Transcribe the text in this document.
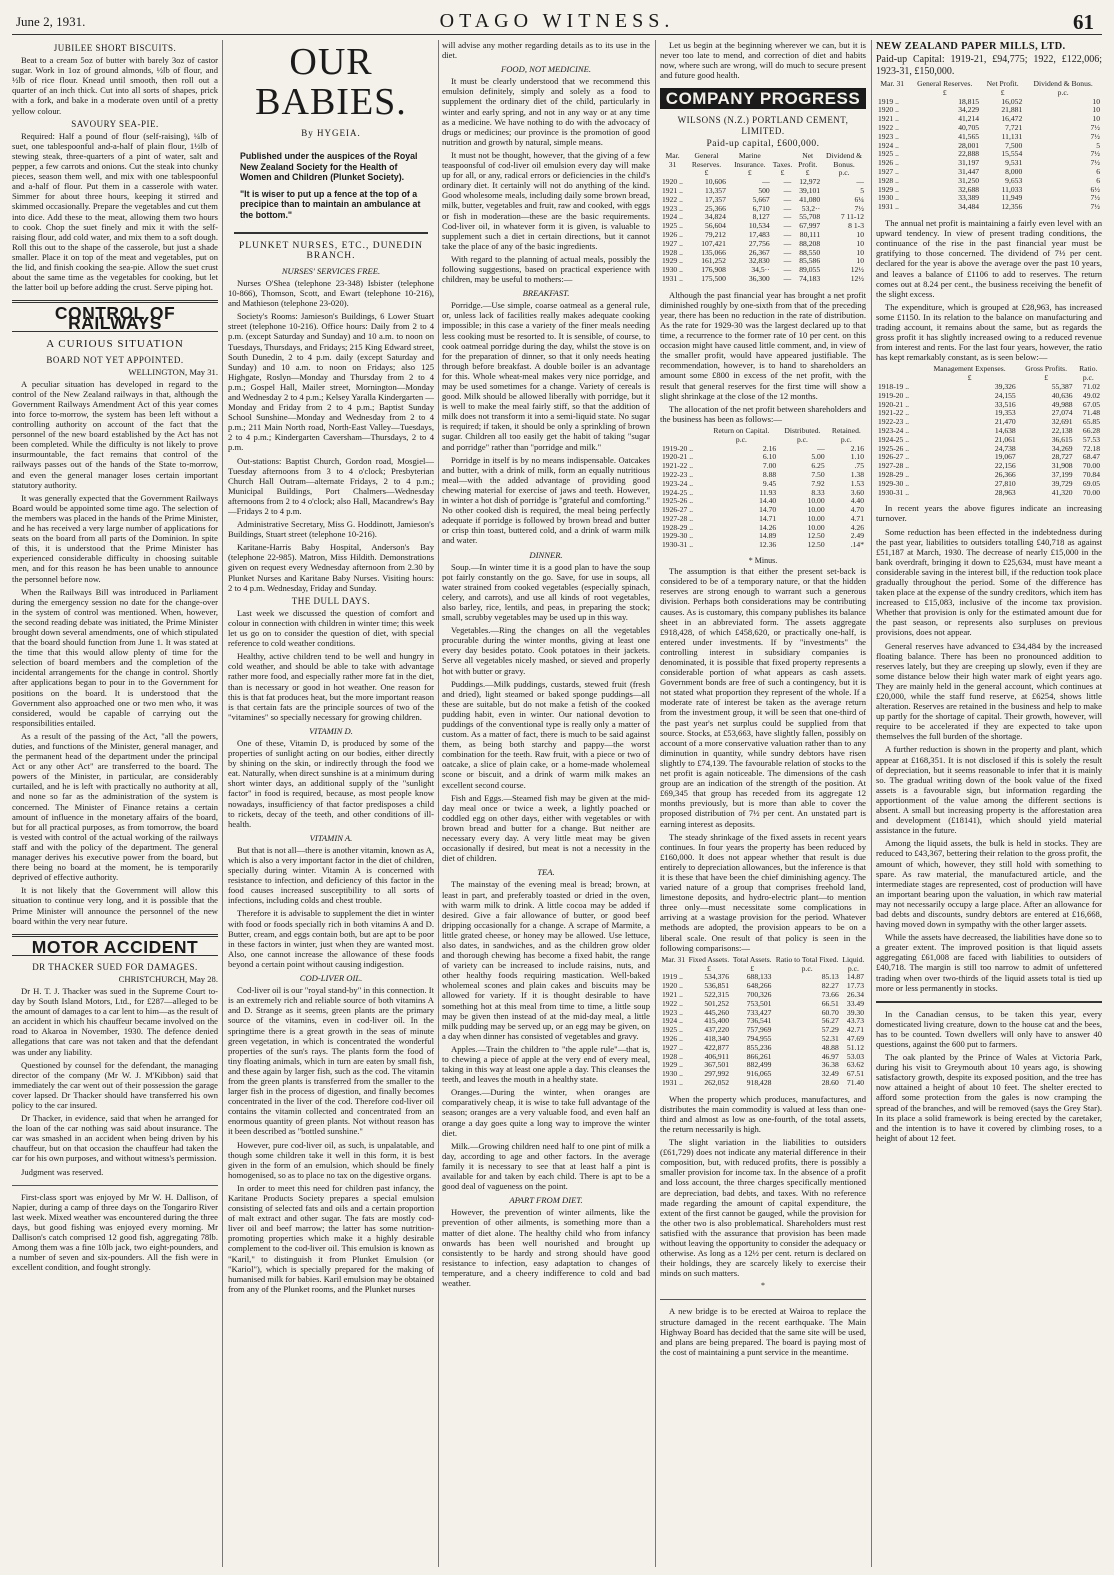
June 2, 1931.	OTAGO WITNESS.	61
JUBILEE SHORT BISCUITS.

Beat to a cream 5oz of butter with barely 3oz of castor sugar. Work in 1oz of ground almonds, ½lb of flour, and ½lb of rice flour. Knead until smooth, then roll out a quarter of an inch thick. Cut into all sorts of shapes, prick with a fork, and bake in a moderate oven until of a pretty yellow colour.

SAVOURY SEA-PIE.

Required: Half a pound of flour (self-raising), ¼lb of suet, one tablespoonful and-a-half of plain flour, 1½lb of stewing steak, three-quarters of a pint of water, salt and pepper, a few carrots and onions. Cut the steak into chunky pieces, season them well, and mix with one tablespoonful and a-half of flour. Put them in a casserole with water. Simmer for about three hours, keeping it stirred and skimmed occasionally. Prepare the vegetables and cut them into dice. Add these to the meat, allowing them two hours to cook. Chop the suet finely and mix it with the self-raising flour, add cold water, and mix them to a soft dough. Roll this out to the shape of the casserole, but just a shade smaller. Place it on top of the meat and vegetables, put on the lid, and finish cooking the sea-pie. Allow the suet crust about the same time as the vegetables for cooking, but let the latter boil up before adding the crust. Serve piping hot.

CONTROL OF RAILWAYS
A CURIOUS SITUATION
BOARD NOT YET APPOINTED.
WELLINGTON, May 31.

A peculiar situation has developed in regard to the control of the New Zealand railways in that, although the Government Railways Amendment Act of this year comes into force to-morrow, the system has been left without a controlling authority on account of the fact that the personnel of the new board established by the Act has not been completed. While the difficulty is not likely to prove insurmountable, the fact remains that control of the railways passes out of the hands of the State to-morrow, and even the general manager loses certain important statutory authority.

It was generally expected that the Government Railways Board would be appointed some time ago. The selection of the members was placed in the hands of the Prime Minister, and he has received a very large number of applications for seats on the board from all parts of the Dominion. In spite of this, it is understood that the Prime Minister has experienced considerable difficulty in choosing suitable men, and for this reason he has been unable to announce the personnel before now.

When the Railways Bill was introduced in Parliament during the emergency session no date for the change-over in the system of control was mentioned. When, however, the second reading debate was initiated, the Prime Minister brought down several amendments, one of which stipulated that the board should function from June 1. It was stated at the time that this would allow plenty of time for the selection of board members and the completion of the incidental arrangements for the change in control. Shortly after applications began to pour in to the Government for positions on the board. It is understood that the Government also approached one or two men who, it was considered, would be capable of carrying out the responsibilities entailed.

As a result of the passing of the Act, "all the powers, duties, and functions of the Minister, general manager, and the permanent head of the department under the principal Act or any other Act" are transferred to the board. The powers of the Minister, in particular, are considerably curtailed, and he is left with practically no authority at all, and none so far as the administration of the system is concerned. The Minister of Finance retains a certain amount of influence in the monetary affairs of the board, but for all practical purposes, as from tomorrow, the board is vested with control of the actual working of the railways staff and with the policy of the department. The general manager derives his executive power from the board, but there being no board at the moment, he is temporarily deprived of effective authority.

It is not likely that the Government will allow this situation to continue very long, and it is possible that the Prime Minister will announce the personnel of the new board within the very near future.

MOTOR ACCIDENT
DR THACKER SUED FOR DAMAGES.
CHRISTCHURCH, May 28.

Dr H. T. J. Thacker was sued in the Supreme Court to-day by South Island Motors, Ltd., for £287—alleged to be the amount of damages to a car lent to him—as the result of an accident in which his chauffeur became involved on the road to Akaroa in November, 1930. The defence denied allegations that care was not taken and that the defendant was under any liability.

Questioned by counsel for the defendant, the managing director of the company (Mr W. J. M'Kibbon) said that immediately the car went out of their possession the garage cover lapsed. Dr Thacker should have transferred his own policy to the car insured.

Dr Thacker, in evidence, said that when he arranged for the loan of the car nothing was said about insurance. The car was smashed in an accident when being driven by his chauffeur, but on that occasion the chauffeur had taken the car for his own purposes, and without witness's permission.

Judgment was reserved.

First-class sport was enjoyed by Mr W. H. Dallison, of Napier, during a camp of three days on the Tongariro River last week. Mixed weather was encountered during the three days, but good fishing was enjoyed every morning. Mr Dallison's catch comprised 12 good fish, aggregating 78lb. Among them was a fine 10lb jack, two eight-pounders, and a number of seven and six-pounders. All the fish were in excellent condition, and fought strongly.

OUR BABIES.
By HYGEIA.

Published under the auspices of the Royal New Zealand Society for the Health of Women and Children (Plunket Society).

"It is wiser to put up a fence at the top of a precipice than to maintain an ambulance at the bottom."

PLUNKET NURSES, ETC., DUNEDIN BRANCH.
NURSES' SERVICES FREE.

Nurses O'Shea (telephone 23-348) Isbister (telephone 10-866), Thomson, Scott, and Ewart (telephone 10-216), and Mathieson (telephone 23-020).

Society's Rooms: Jamieson's Buildings, 6 Lower Stuart street (telephone 10-216). Office hours: Daily from 2 to 4 p.m. (except Saturday and Sunday) and 10 a.m. to noon on Tuesdays, Thursdays, and Fridays; 215 King Edward street, South Dunedin, 2 to 4 p.m. daily (except Saturday and Sunday) and 10 a.m. to noon on Fridays; also 125 Highgate, Roslyn—Monday and Thursday from 2 to 4 p.m.; Gospel Hall, Mailer street, Mornington—Monday and Wednesday 2 to 4 p.m.; Kelsey Yaralla Kindergarten — Monday and Friday from 2 to 4 p.m.; Baptist Sunday School Sunshine—Monday and Wednesday from 2 to 4 p.m.; 211 Main North road, North-East Valley—Tuesdays, 2 to 4 p.m.; Kindergarten Caversham—Thursdays, 2 to 4 p.m.

Out-stations: Baptist Church, Gordon road, Mosgiel—Tuesday afternoons from 3 to 4 o'clock; Presbyterian Church Hall Outram—alternate Fridays, 2 to 4 p.m.; Municipal Buildings, Port Chalmers—Wednesday afternoons from 2 to 4 o'clock; also Hall, Macandrew's Bay—Fridays 2 to 4 p.m.

Administrative Secretary, Miss G. Hoddinott, Jamieson's Buildings, Stuart street (telephone 10-216).

Karitane-Harris Baby Hospital, Anderson's Bay (telephone 22-985). Matron, Miss Hildith. Demonstrations given on request every Wednesday afternoon from 2.30 by Plunket Nurses and Karitane Baby Nurses. Visiting hours: 2 to 4 p.m. Wednesday, Friday and Sunday.

THE DULL DAYS.

Last week we discussed the question of comfort and colour in connection with children in winter time; this week let us go on to consider the question of diet, with special reference to cold weather conditions.

Healthy, active children tend to be well and hungry in cold weather, and should be able to take with advantage rather more food, and especially rather more fat in the diet, than is necessary or good in hot weather. One reason for this is that fat produces heat, but the more important reason is that certain fats are the principle sources of two of the "vitamines" so specially necessary for growing children.

VITAMIN D.

One of these, Vitamin D, is produced by some of the properties of sunlight acting on our bodies, either directly by shining on the skin, or indirectly through the food we eat. Naturally, when direct sunshine is at a minimum during short winter days, an additional supply of the "sunlight factor" in food is required, because, as most people know nowadays, insufficiency of that factor predisposes a child to rickets, decay of the teeth, and other conditions of ill-health.

VITAMIN A.

But that is not all—there is another vitamin, known as A, which is also a very important factor in the diet of children, specially during winter. Vitamin A is concerned with resistance to infection, and deficiency of this factor in the food causes increased susceptibility to all sorts of infections, including colds and chest trouble.

Therefore it is advisable to supplement the diet in winter with food or foods specially rich in both vitamins A and D. Butter, cream, and eggs contain both, but are apt to be poor in these factors in winter, just when they are wanted most. Also, one cannot increase the allowance of these foods beyond a certain point without causing indigestion.

COD-LIVER OIL.

Cod-liver oil is our "royal stand-by" in this connection. It is an extremely rich and reliable source of both vitamins A and D. Strange as it seems, green plants are the primary source of the vitamins, even in cod-liver oil. In the springtime there is a great growth in the seas of minute green vegetation, in which is concentrated the wonderful properties of the sun's rays. The plants form the food of tiny floating animals, which in turn are eaten by small fish, and these again by larger fish, such as the cod. The vitamin from the green plants is transferred from the smaller to the larger fish in the process of digestion, and finally becomes concentrated in the liver of the cod. Therefore cod-liver oil contains the vitamin collected and concentrated from an enormous quantity of green plants. Not without reason has it been described as "bottled sunshine."

However, pure cod-liver oil, as such, is unpalatable, and though some children take it well in this form, it is best given in the form of an emulsion, which should be finely homogenised, so as to place no tax on the digestive organs.

In order to meet this need for children past infancy, the Karitane Products Society prepares a special emulsion consisting of selected fats and oils and a certain proportion of malt extract and other sugar. The fats are mostly cod-liver oil and beef marrow; the latter has some nutrition-promoting properties which make it a highly desirable complement to the cod-liver oil. This emulsion is known as "Karil," to distinguish it from Plunket Emulsion (or "Kariol"), which is specially prepared for the making of humanised milk for babies. Karil emulsion may be obtained from any of the Plunket rooms, and the Plunket nurses

will advise any mother regarding details as to its use in the diet.

FOOD, NOT MEDICINE.

It must be clearly understood that we recommend this emulsion definitely, simply and solely as a food to supplement the ordinary diet of the child, particularly in winter and early spring, and not in any way or at any time as a medicine. We have nothing to do with the advocacy of drugs or medicines; our province is the promotion of good nutrition and growth by natural, simple means.

It must not be thought, however, that the giving of a few teaspoonsful of cod-liver oil emulsion every day will make up for all, or any, radical errors or deficiencies in the child's ordinary diet. It certainly will not do anything of the kind. Good wholesome meals, including daily some brown bread, milk, butter, vegetables and fruit, raw and cooked, with eggs or fish in moderation—these are the basic requirements. Cod-liver oil, in whatever form it is given, is valuable to supplement such a diet in certain directions, but it cannot take the place of any of the basic ingredients.

With regard to the planning of actual meals, possibly the following suggestions, based on practical experience with children, may be useful to mothers:—

BREAKFAST.

Porridge.—Use simple, coarse oatmeal as a general rule, or, unless lack of facilities really makes adequate cooking impossible; in this case a variety of the finer meals needing less cooking must be resorted to. It is sensible, of course, to cook oatmeal porridge during the day, whilst the stove is on for the preparation of dinner, so that it only needs heating through before breakfast. A double boiler is an advantage for this. Whole wheat-meal makes very nice porridge, and may be used sometimes for a change. Variety of cereals is good. Milk should be allowed liberally with porridge, but it is well to make the meal fairly stiff, so that the addition of milk does not transform it into a semi-liquid state. No sugar is required; if taken, it should be only a sprinkling of brown sugar. Children all too easily get the habit of taking "sugar and porridge" rather than "porridge and milk."

Porridge in itself is by no means indispensable. Oatcakes and butter, with a drink of milk, form an equally nutritious meal—with the added advantage of providing good chewing material for exercise of jaws and teeth. However, in winter a hot dish of porridge is "grateful and comforting." No other cooked dish is required, the meal being perfectly adequate if porridge is followed by brown bread and butter or crisp thin toast, buttered cold, and a drink of warm milk and water.

DINNER.

Soup.—In winter time it is a good plan to have the soup pot fairly constantly on the go. Save, for use in soups, all water strained from cooked vegetables (especially spinach, celery, and carrots), and use all kinds of root vegetables, also barley, rice, lentils, and peas, in preparing the stock; small, scrubby vegetables may be used up in this way.

Vegetables.—Ring the changes on all the vegetables procurable during the winter months, giving at least one every day besides potato. Cook potatoes in their jackets. Serve all vegetables nicely mashed, or sieved and properly hot with butter or gravy.

Puddings.—Milk puddings, custards, stewed fruit (fresh and dried), light steamed or baked sponge puddings—all these are suitable, but do not make a fetish of the cooked pudding habit, even in winter. Our national devotion to puddings of the conventional type is really only a matter of custom. As a matter of fact, there is much to be said against them, as being both starchy and pappy—the worst combination for the teeth. Raw fruit, with a piece or two of oatcake, a slice of plain cake, or a home-made wholemeal scone or biscuit, and a drink of warm milk makes an excellent second course.

Fish and Eggs.—Steamed fish may be given at the mid-day meal once or twice a week, a lightly poached or coddled egg on other days, either with vegetables or with brown bread and butter for a change. But neither are necessary every day. A very little meat may be given occasionally if desired, but meat is not a necessity in the diet of children.

TEA.

The mainstay of the evening meal is bread; brown, at least in part, and preferably toasted or dried in the oven, with warm milk to drink. A little cocoa may be added if desired. Give a fair allowance of butter, or good beef dripping occasionally for a change. A scrape of Marmite, a little grated cheese, or honey may be allowed. Use lettuce, also dates, in sandwiches, and as the children grow older and thorough chewing has become a fixed habit, the range of variety can be increased to include raisins, nuts, and other healthy foods requiring mastication. Well-baked wholemeal scones and plain cakes and biscuits may be allowed for variety. If it is thought desirable to have something hot at this meal from time to time, a little soup may be given then instead of at the mid-day meal, a little milk pudding may be served up, or an egg may be given, on a day when dinner has consisted of vegetables and gravy.

Apples.—Train the children to "the apple rule"—that is, to chewing a piece of apple at the very end of every meal, taking in this way at least one apple a day. This cleanses the teeth, and leaves the mouth in a healthy state.

Oranges.—During the winter, when oranges are comparatively cheap, it is wise to take full advantage of the season; oranges are a very valuable food, and even half an orange a day goes quite a long way to improve the winter diet.

Milk.—Growing children need half to one pint of milk a day, according to age and other factors. In the average family it is necessary to see that at least half a pint is available for and taken by each child. There is apt to be a good deal of vagueness on the point.

APART FROM DIET.

However, the prevention of winter ailments, like the prevention of other ailments, is something more than a matter of diet alone. The healthy child who from infancy onwards has been well nourished and brought up consistently to be hardy and strong should have good resistance to infection, easy adaptation to changes of temperature, and a cheery indifference to cold and bad weather.

Let us begin at the beginning wherever we can, but it is never too late to mend, and correction of diet and habits now, where such are wrong, will do much to secure present and future good health.

COMPANY PROGRESS
WILSONS (N.Z.) PORTLAND CEMENT, LIMITED.
Paid-up capital, £600,000.
Mar. 31	General Reserves.	Marine Insurance.	Taxes.	Net Profit.	Dividend & Bonus.
	£	£	£	£	p.c.
1920 ..	10,606	—	—	12,972	—
1921 ..	13,357	500	—	39,101	5
1922 ..	17,357	5,667	—	41,080	6¼
1923 ..	25,366	6,710	—	53,2··	7½
1924 ..	34,824	8,127	—	55,708	7 11-12
1925 ..	56,604	10,534	—	67,997	8 1-3
1926 ..	79,212	17,483	—	80,111	10
1927 ..	107,421	27,756	—	88,208	10
1928 ..	135,066	26,367	—	88,550	10
1929 ..	161,252	32,830	—	85,586	10
1930 ..	176,908	34,5··	—	89,055	12½
1931 ..	175,500	36,300	—	74,183	12½

Although the past financial year has brought a net profit diminished roughly by one-sixth from that of the preceding year, there has been no reduction in the rate of distribution. As the rate for 1929-30 was the largest declared up to that time, a recurrence to the former rate of 10 per cent. on this occasion might have caused little comment, and, in view of the smaller profit, would have appeared justifiable. The recommendation, however, is to hand to shareholders an amount some £800 in excess of the net profit, with the result that general reserves for the first time will show a slight shrinkage at the close of the 12 months.

The allocation of the net profit between shareholders and the business has been as follows:—

	Return on Capital.	Distributed.	Retained.
	p.c.	p.c.	p.c.
1919-20 ..	2.16	—	2.16
1920-21 ..	6.10	5.00	1.10
1921-22 ..	7.00	6.25	.75
1922-23 ..	8.88	7.50	1.38
1923-24 ..	9.45	7.92	1.53
1924-25 ..	11.93	8.33	3.60
1925-26 ..	14.40	10.00	4.40
1926-27 ..	14.70	10.00	4.70
1927-28 ..	14.71	10.00	4.71
1928-29 ..	14.26	10.00	4.26
1929-30 ..	14.89	12.50	2.49
1930-31 ..	12.36	12.50	.14*
* Minus.

The assumption is that either the present set-back is considered to be of a temporary nature, or that the hidden reserves are strong enough to warrant such a generous division. Perhaps both considerations may be contributing causes. As is customary, this company publishes its balance sheet in an abbreviated form. The assets aggregate £918,428, of which £458,620, or practically one-half, is entered under investments. If by "investments" the controlling interest in subsidiary companies is denominated, it is possible that fixed property represents a considerable portion of what appears as cash assets. Government bonds are free of such a contingency, but it is not stated what proportion they represent of the whole. If a moderate rate of interest be taken as the average return from the investment group, it will be seen that one-third of the past year's net surplus could be supplied from that source. Stocks, at £53,663, have slightly fallen, possibly on account of a more conservative valuation rather than to any diminution in quantity, while sundry debtors have risen slightly to £74,139. The favourable relation of stocks to the net profit is again noticeable. The dimensions of the cash group are an indication of the strength of the position. At £69,345 that group has receded from its aggregate 12 months previously, but is more than able to cover the proposed distribution of 7½ per cent. An unstated part is earning interest as deposits.

The steady shrinkage of the fixed assets in recent years continues. In four years the property has been reduced by £160,000. It does not appear whether that result is due entirely to depreciation allowances, but the inference is that it is these that have been the chief diminishing agency. The varied nature of a group that comprises freehold land, limestone deposits, and hydro-electric plant—to mention three only—must necessitate some complications in arriving at a wastage provision for the period. Whatever methods are adopted, the provision appears to be on a liberal scale. One result of that policy is seen in the following comparisons:—

Mar. 31	Fixed Assets.	Total Assets.	Ratio to Total Fixed.	Liquid.
	£	£	p.c.	p.c.
1919 ..	534,376	688,133	85.13	14.87
1920 ..	536,851	648,266	82.27	17.73
1921 ..	522,315	700,326	73.66	26.34
1922 ..	501,252	753,501	66.51	33.49
1923 ..	445,260	733,427	60.70	39.30
1924 ..	415,400	736,541	56.27	43.73
1925 ..	437,220	757,969	57.29	42.71
1926 ..	418,340	794,955	52.31	47.69
1927 ..	422,877	855,236	48.88	51.12
1928 ..	406,911	866,261	46.97	53.03
1929 ..	367,501	882,499	36.38	63.62
1930 ..	297,992	916,065	32.49	67.51
1931 ..	262,052	918,428	28.60	71.40

When the property which produces, manufactures, and distributes the main commodity is valued at less than one-third and almost as low as one-fourth, of the total assets, the return necessarily is high.

The slight variation in the liabilities to outsiders (£61,729) does not indicate any material difference in their composition, but, with reduced profits, there is possibly a smaller provision for income tax. In the absence of a profit and loss account, the three charges specifically mentioned are depreciation, bad debts, and taxes. With no reference made regarding the amount of capital expenditure, the extent of the first cannot be gauged, while the provision for the other two is also problematical. Shareholders must rest satisfied with the assurance that provision has been made without leaving the opportunity to consider the adequacy or otherwise. As long as a 12½ per cent. return is declared on their holdings, they are scarcely likely to exercise their minds on such matters.

*

A new bridge is to be erected at Wairoa to replace the structure damaged in the recent earthquake. The Main Highway Board has decided that the same site will be used, and plans are being prepared. The board is paying most of the cost of maintaining a punt service in the meantime.

NEW ZEALAND PAPER MILLS, LTD.

Paid-up Capital: 1919-21, £94,775; 1922, £122,006; 1923-31, £150,000.

Mar. 31	General Reserves.	Net Profit.	Dividend & Bonus.
	£	£	p.c.
1919 ..	18,815	16,052	10
1920 ..	34,229	21,881	10
1921 ..	41,214	16,472	10
1922 ..	40,705	7,721	7½
1923 ..	41,565	11,131	7½
1924 ..	28,001	7,500	5
1925 ..	22,888	15,554	7½
1926 ..	31,197	9,531	7½
1927 ..	31,447	8,000	6
1928 ..	31,250	9,653	6
1929 ..	32,688	11,033	6½
1930 ..	33,389	11,949	7½
1931 ..	34,484	12,356	7½

The annual net profit is maintaining a fairly even level with an upward tendency. In view of present trading conditions, the continuance of the rise in the past financial year must be gratifying to those concerned. The dividend of 7½ per cent. declared for the year is above the average over the past 10 years, and leaves a balance of £1106 to add to reserves. The return comes out at 8.24 per cent., the business receiving the benefit of the slight excess.

The expenditure, which is grouped at £28,963, has increased some £1150. In its relation to the balance on manufacturing and trading account, it remains about the same, but as regards the gross profit it has slightly increased owing to a reduced revenue from interest and rents. For the last four years, however, the ratio has kept remarkably constant, as is seen below:—

	Management Expenses.	Gross Profits.	Ratio.
	£	£	p.c.
1918-19 ..	39,326	55,387	71.02
1919-20 ..	24,155	40,636	49.02
1920-21 ..	33,516	49,988	67.05
1921-22 ..	19,353	27,074	71.48
1922-23 ..	21,470	32,691	65.85
1923-24 ..	14,638	22,138	66.28
1924-25 ..	21,061	36,615	57.53
1925-26 ..	24,738	34,269	72.18
1926-27 ..	19,067	28,727	68.47
1927-28 ..	22,156	31,908	70.00
1928-29 ..	26,366	37,199	70.84
1929-30 ..	27,810	39,729	69.05
1930-31 ..	28,963	41,320	70.00

In recent years the above figures indicate an increasing turnover.

Some reduction has been effected in the indebtedness during the past year, liabilities to outsiders totalling £40,718 as against £51,187 at March, 1930. The decrease of nearly £15,000 in the bank overdraft, bringing it down to £25,634, must have meant a considerable saving in the interest bill, if the reduction took place gradually throughout the period. Some of the difference has taken place at the expense of the sundry creditors, which item has increased to £15,083, inclusive of the income tax provision. Whether that provision is only for the estimated amount due for the past season, or represents also surpluses on previous provisions, does not appear.

General reserves have advanced to £34,484 by the increased floating balance. There has been no pronounced addition to reserves lately, but they are creeping up slowly, even if they are some distance below their high water mark of eight years ago. They are mainly held in the general account, which continues at £20,000, while the staff fund reserve, at £6254, shows little alteration. Reserves are retained in the business and help to make up partly for the shortage of capital. Their growth, however, will require to be accelerated if they are expected to take upon themselves the full burden of the shortage.

A further reduction is shown in the property and plant, which appear at £168,351. It is not disclosed if this is solely the result of depreciation, but it seems reasonable to infer that it is mainly so. The gradual writing down of the book value of the fixed assets is a favourable sign, but information regarding the apportionment of the value among the different sections is absent. A small but increasing property is the afforestation area and development (£18141), which should yield material assistance in the future.

Among the liquid assets, the bulk is held in stocks. They are reduced to £43,367, bettering their relation to the gross profit, the amount of which, however, they still hold with something to spare. As raw material, the manufactured article, and the intermediate stages are represented, cost of production will have an important bearing upon the valuation, in which raw material may not necessarily occupy a large place. After an allowance for bad debts and discounts, sundry debtors are entered at £16,668, having moved down in sympathy with the other larger assets.

While the assets have decreased, the liabilities have done so to a greater extent. The improved position is that liquid assets aggregating £61,008 are faced with liabilities to outsiders of £40,718. The margin is still too narrow to admit of unfettered trading when over two-thirds of the liquid assets total is tied up more or less permanently in stocks.

In the Canadian census, to be taken this year, every domesticated living creature, down to the house cat and the bees, has to be counted. Town dwellers will only have to answer 40 questions, against the 600 put to farmers.

The oak planted by the Prince of Wales at Victoria Park, during his visit to Greymouth about 10 years ago, is showing satisfactory growth, despite its exposed position, and the tree has now attained a height of about 10 feet. The shelter erected to afford some protection from the gales is now cramping the spread of the branches, and will be removed (says the Grey Star). In its place a solid framework is being erected by the caretaker, and the intention is to have it covered by climbing roses, to a height of about 12 feet.
